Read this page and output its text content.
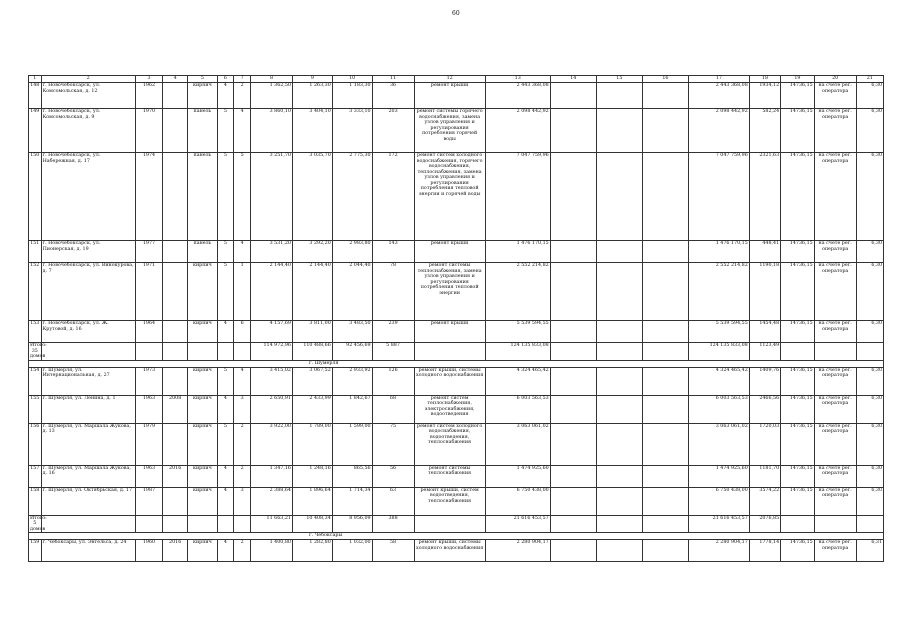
60
1	2	3	4	5	6	7	8	9	10	11	12	13	14	15	16	17	18	19	20	21
148	г. Новочебоксарск, ул. Комсомольская, д. 12	1962		кирпич	4	2	1 362,50	1 263,30	1 183,30	36	ремонт крыши	2 443 368,08				2 443 368,08	1934,12	14736,15	на счете рег. оператора	6,30
149	г. Новочебоксарск, ул. Комсомольская, д. 9	1970		панель	5	4	3 860,10	3 404,10	3 333,10	203	ремонт системы горячего водоснабжения, замена узлов управления и регулирования потребления горячей воды	2 098 442,92				2 098 442,92	582,24	14736,15	на счете рег. оператора	6,30
150	г. Новочебоксарск, ул. Набережная, д. 17	1974		панель	5	5	3 251,70	3 035,70	2 775,30	172	ремонт систем холодного водоснабжения, горячего водоснабжения, теплоснабжения, замена узлов управления и регулирования потребления тепловой энергии и горячей воды	7 047 759,96				7 047 759,96	2321,63	14736,15	на счете рег. оператора	6,30
151	г. Новочебоксарск, ул. Пионерская, д. 19	1977		панель	5	4	3 531,20	3 292,20	2 983,80	143	ремонт крыши	1 476 170,15				1 476 170,15	448,41	14736,15	на счете рег. оператора	6,30
152	г. Новочебоксарск, ул. Винокурова, д. 7	1971		кирпич	5	1	2 144,40	2 144,40	2 044,40	78	ремонт системы теплоснабжения, замена узлов управления и регулирования потребления тепловой энергии	2 552 214,82				2 552 214,82	1190,18	14736,15	на счете рег. оператора	6,30
153	г. Новочебоксарск, ул. Ж. Крутовой, д. 16	1964		кирпич	4	6	4 157,69	3 811,00	3 483,50	239	ремонт крыши	5 539 594,55				5 539 594,55	1454,48	14736,15	на счете рег. оператора	6,30
Итого: 35 домов							114 972,96	110 488,66	92 456,69	5 887		124 135 833,08				124 135 833,08	1123,49			
г. Шумерля																				
154	г. Шумерля, ул. Интернациональная, д. 27	1973		кирпич	5	4	3 415,02	3 067,52	2 933,92	126	ремонт крыши, системы холодного водоснабжения	4 324 465,42				4 324 465,42	1409,76	14736,15	на счете рег. оператора	6,30
155	г. Шумерля, ул. Ленина, д. 1	1963	2008	кирпич	4	3	2 650,91	2 433,99	1 842,67	68	ремонт систем теплоснабжения, электроснабжения, водоотведения	6 003 563,53				6 003 563,53	2466,56	14736,15	на счете рег. оператора	6,30
156	г. Шумерля, ул. Маршала Жукова, д. 13	1979		кирпич	5	2	3 922,00	1 789,00	1 599,00	75	ремонт систем холодного водоснабжения, водоотведения, теплоснабжения	3 063 061,02				3 063 061,02	1720,03	14736,15	на счете рег. оператора	6,30
157	г. Шумерля, ул. Маршала Жукова, д. 16	1963	2016	кирпич	4	2	1 347,16	1 248,16	865,56	56	ремонт системы теплоснабжения	1 474 925,60				1 474 925,60	1181,70	14736,15	на счете рег. оператора	6,30
158	г. Шумерля, ул. Октябрьская, д. 17	1987		кирпич	4	3	2 388,64	1 896,64	1 714,34	63	ремонт крыши, систем водоотведения, теплоснабжения	6 750 438,00				6 750 438,00	3574,22	14736,15	на счете рег. оператора	6,30
Итого: 5 домов							11 663,21	10 408,34	8 956,09	388		21 616 453,57				21 616 453,57	2076,85			
г. Чебоксары																				
159	г. Чебоксары, ул. Энгельса, д. 24	1960	2016	кирпич	4	2	1 400,80	1 282,80	1 032,00	58	ремонт крыши, системы холодного водоснабжения	2 280 904,17				2 280 904,17	1778,14	14736,15	на счете рег. оператора	6,31
